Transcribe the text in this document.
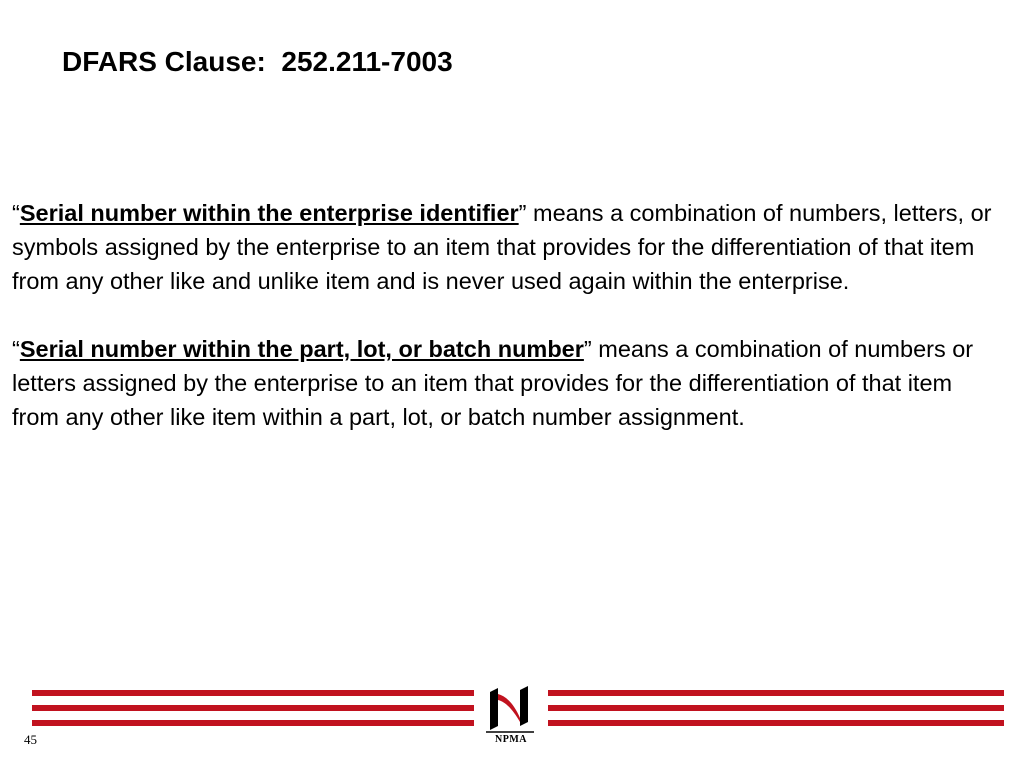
DFARS Clause:  252.211-7003

“Serial number within the enterprise identifier” means a combination of numbers, letters, or symbols assigned by the enterprise to an item that provides for the differentiation of that item from any other like and unlike item and is never used again within the enterprise.

“Serial number within the part, lot, or batch number” means a combination of numbers or letters assigned by the enterprise to an item that provides for the differentiation of that item from any other like item within a part, lot, or batch number assignment.

NPMA
45
